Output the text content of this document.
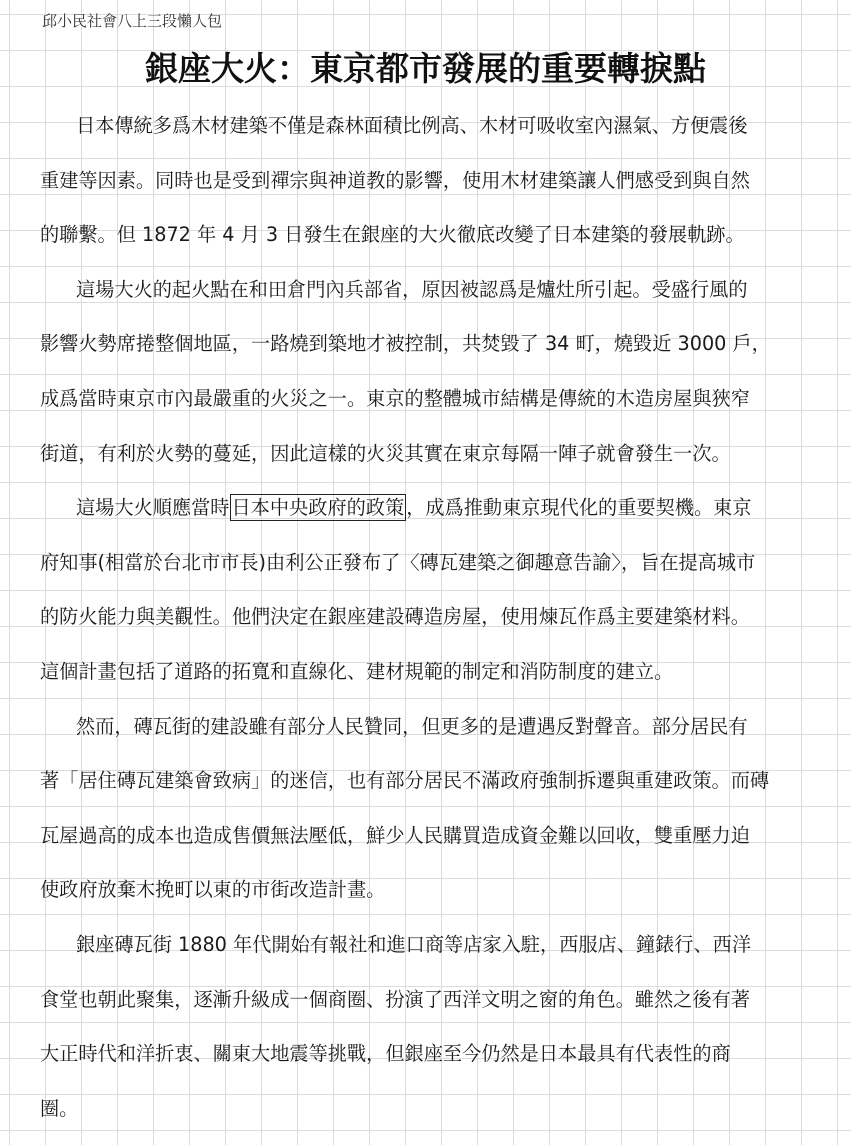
邱小民社會八上三段懶人包
銀座大火：東京都市發展的重要轉捩點

日本傳統多爲木材建築不僅是森林面積比例高、木材可吸收室內濕氣、方便震後
重建等因素。同時也是受到禪宗與神道教的影響，使用木材建築讓人們感受到與自然
的聯繫。但 1872 年 4 月 3 日發生在銀座的大火徹底改變了日本建築的發展軌跡。

這場大火的起火點在和田倉門內兵部省，原因被認爲是爐灶所引起。受盛行風的
影響火勢席捲整個地區，一路燒到築地才被控制，共焚毀了 34 町，燒毀近 3000 戶，
成爲當時東京市內最嚴重的火災之一。東京的整體城市結構是傳統的木造房屋與狹窄
街道，有利於火勢的蔓延，因此這樣的火災其實在東京每隔一陣子就會發生一次。

這場大火順應當時 日本中央政府的政策 ，成爲推動東京現代化的重要契機。東京
府知事(相當於台北市市長)由利公正發布了〈磚瓦建築之御趣意告諭〉，旨在提高城市
的防火能力與美觀性。他們決定在銀座建設磚造房屋，使用煉瓦作爲主要建築材料。
這個計畫包括了道路的拓寬和直線化、建材規範的制定和消防制度的建立。

然而，磚瓦街的建設雖有部分人民贊同，但更多的是遭遇反對聲音。部分居民有
著「居住磚瓦建築會致病」的迷信，也有部分居民不滿政府強制拆遷與重建政策。而磚
瓦屋過高的成本也造成售價無法壓低，鮮少人民購買造成資金難以回收，雙重壓力迫
使政府放棄木挽町以東的市街改造計畫。

銀座磚瓦街 1880 年代開始有報社和進口商等店家入駐，西服店、鐘錶行、西洋
食堂也朝此聚集，逐漸升級成一個商圈、扮演了西洋文明之窗的角色。雖然之後有著
大正時代和洋折衷、關東大地震等挑戰，但銀座至今仍然是日本最具有代表性的商
圈。
